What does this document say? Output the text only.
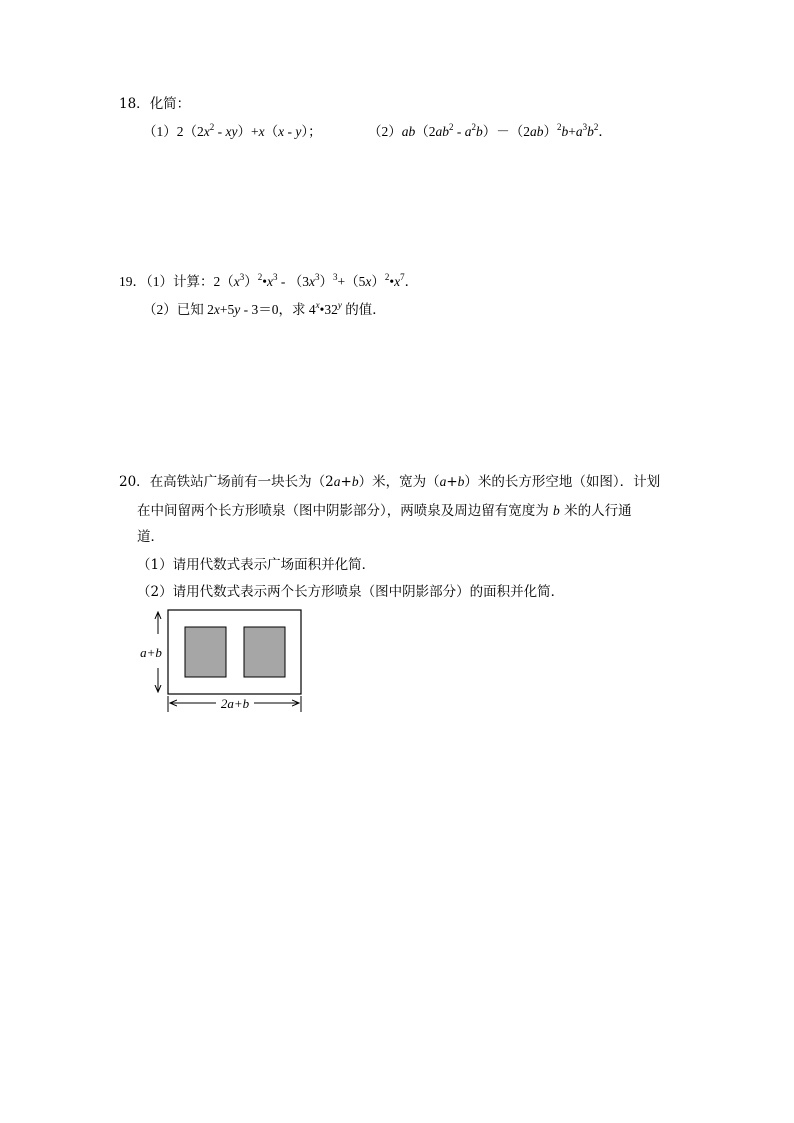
18．化简：
$(1)2(2x^2 - xy)+x(x - y)$；	$(2)ab(2ab^2 - a^2b)-(2ab)^2b+a^3b^2$．
19．（1）计算：$2(x^3)^2•x^3$ - $(3x^3)^3+(5x)^2•x^7$．
（2）已知 2x+5y - 3＝0，求 4$^x$•32$^y$ 的值．
20．在高铁站广场前有一块长为（2a+b）米，宽为（a+b）米的长方形空地（如图）．计划
在中间留两个长方形喷泉（图中阴影部分），两喷泉及周边留有宽度为 b 米的人行通
道．
（1）请用代数式表示广场面积并化简．
（2）请用代数式表示两个长方形喷泉（图中阴影部分）的面积并化简．
a+b
2a+b
